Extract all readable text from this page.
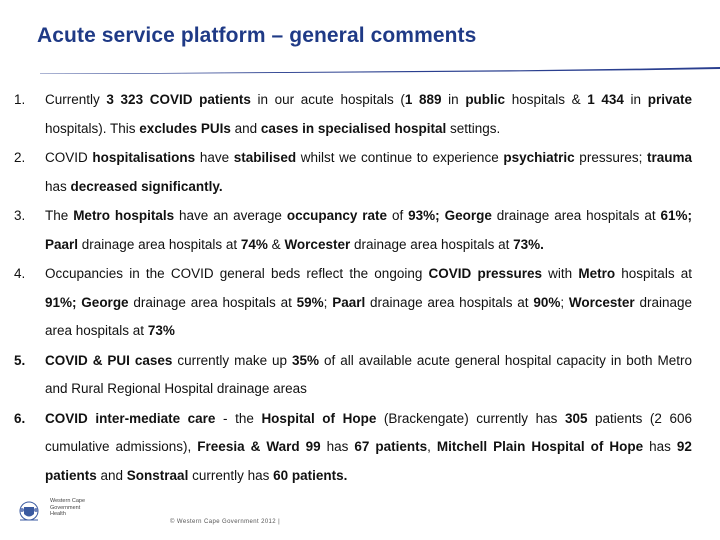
Acute service platform – general comments
1.	Currently 3 323 COVID patients in our acute hospitals (1 889 in public hospitals & 1 434 in private hospitals). This excludes PUIs and cases in specialised hospital settings.
2.	COVID hospitalisations have stabilised whilst we continue to experience psychiatric pressures; trauma has decreased significantly.
3.	The Metro hospitals have an average occupancy rate of 93%; George drainage area hospitals at 61%; Paarl drainage area hospitals at 74% & Worcester drainage area hospitals at 73%.
4.	Occupancies in the COVID general beds reflect the ongoing COVID pressures with Metro hospitals at 91%; George drainage area hospitals at 59%; Paarl drainage area hospitals at 90%; Worcester drainage area hospitals at 73%
5.	COVID & PUI cases currently make up 35% of all available acute general hospital capacity in both Metro and Rural Regional Hospital drainage areas
6.	COVID inter-mediate care - the Hospital of Hope (Brackengate) currently has 305 patients (2 606 cumulative admissions), Freesia & Ward 99 has 67 patients, Mitchell Plain Hospital of Hope has 92 patients and Sonstraal currently has 60 patients.
Western Cape
Government
Health
© Western Cape Government 2012 |
